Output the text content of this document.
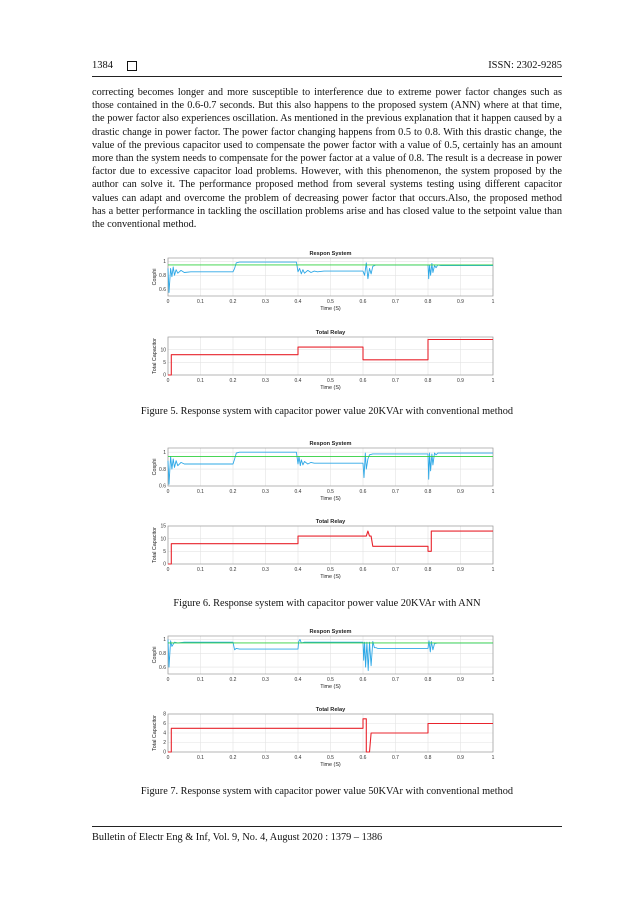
1384	ISSN: 2302-9285

correcting becomes longer and more susceptible to interference due to extreme power factor changes such as those contained in the 0.6-0.7 seconds. But this also happens to the proposed system (ANN) where at that time, the power factor also experiences oscillation. As mentioned in the previous explanation that it happen caused by a drastic change in power factor. The power factor changing happens from 0.5 to 0.8. With this drastic change, the value of the previous capacitor used to compensate the power factor with a value of 0.5, certainly has an amount more than the system needs to compensate for the power factor at a value of 0.8. The result is a decrease in power factor due to excessive capacitor load problems. However, with this phenomenon, the system proposed by the author can solve it. The performance proposed method from several systems testing using different capacitor values can adapt and overcome the problem of decreasing power factor that occurs.Also, the proposed method has a better performance in tackling the oscillation problems arise and has closed value to the setpoint value than the conventional method.

Respon System
0	0.1	0.2	0.3	0.4	0.5	0.6	0.7	0.8	0.9	1
0.6
0.8
1
Time (S)
Cosphi
Total Relay
0	0.1	0.2	0.3	0.4	0.5	0.6	0.7	0.8	0.9	1
0
5
10
Time (S)
Total Capacitor
Figure 5. Response system with capacitor power value 20KVAr with conventional method
Respon System
0	0.1	0.2	0.3	0.4	0.5	0.6	0.7	0.8	0.9	1
0.6
0.8
1
Time (S)
Cosphi
Total Relay
0	0.1	0.2	0.3	0.4	0.5	0.6	0.7	0.8	0.9	1
0
5
10
15
Time (S)
Total Capacitor
Figure 6. Response system with capacitor power value 20KVAr with ANN
Respon System
0	0.1	0.2	0.3	0.4	0.5	0.6	0.7	0.8	0.9	1
0.6
0.8
1
Time (S)
Cosphi
Total Relay
0	0.1	0.2	0.3	0.4	0.5	0.6	0.7	0.8	0.9	1
0
2
4
6
8
Time (S)
Total Capacitor
Figure 7. Response system with capacitor power value 50KVAr with conventional method
Bulletin of Electr Eng & Inf, Vol. 9, No. 4, August 2020 : 1379 – 1386
